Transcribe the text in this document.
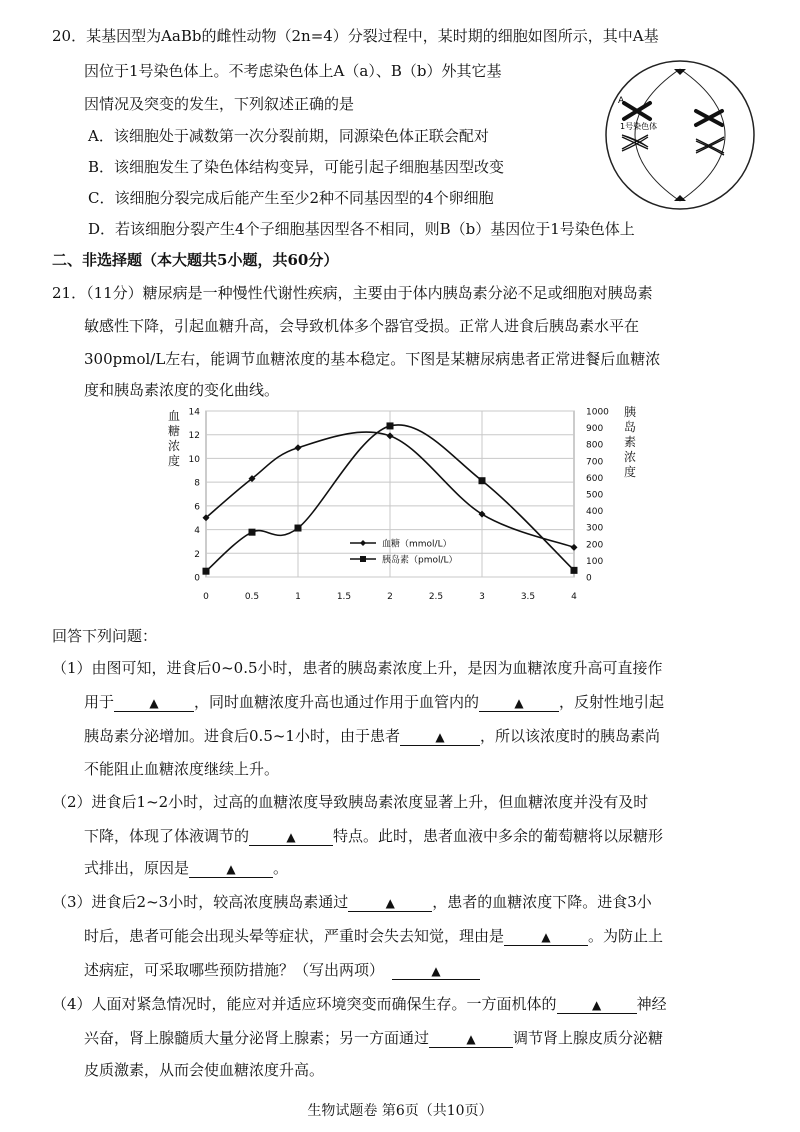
20．某基因型为AaBb的雌性动物（2n=4）分裂过程中，某时期的细胞如图所示，其中A基
因位于1号染色体上。不考虑染色体上A（a）、B（b）外其它基
因情况及突变的发生，下列叙述正确的是
A．该细胞处于减数第一次分裂前期，同源染色体正联会配对
B．该细胞发生了染色体结构变异，可能引起子细胞基因型改变
C．该细胞分裂完成后能产生至少2种不同基因型的4个卵细胞
D．若该细胞分裂产生4个子细胞基因型各不相同，则B（b）基因位于1号染色体上
A
1号染色体
二、非选择题（本大题共5小题，共60分）
21．（11分）糖尿病是一种慢性代谢性疾病，主要由于体内胰岛素分泌不足或细胞对胰岛素
敏感性下降，引起血糖升高，会导致机体多个器官受损。正常人进食后胰岛素水平在
300pmol/L左右，能调节血糖浓度的基本稳定。下图是某糖尿病患者正常进餐后血糖浓
度和胰岛素浓度的变化曲线。
0
2
4
6
8
10
12
14
0	0.5	1	1.5	2	2.5	3	3.5	4
0
100
200
300
400
500
600
700
800
900
1000
血
糖
浓
度
胰
岛
素
浓
度
血糖（mmol/L）
胰岛素（pmol/L）
回答下列问题：
（1）由图可知，进食后0~0.5小时，患者的胰岛素浓度上升，是因为血糖浓度升高可直接作
用于	▲ ，同时血糖浓度升高也通过作用于血管内的	▲ ，反射性地引起
胰岛素分泌增加。进食后0.5~1小时，由于患者	▲ ，所以该浓度时的胰岛素尚
不能阻止血糖浓度继续上升。
（2）进食后1~2小时，过高的血糖浓度导致胰岛素浓度显著上升，但血糖浓度并没有及时
下降，体现了体液调节的	▲ 特点。此时，患者血液中多余的葡萄糖将以尿糖形
式排出，原因是	▲ 。
（3）进食后2~3小时，较高浓度胰岛素通过	▲ ，患者的血糖浓度下降。进食3小
时后，患者可能会出现头晕等症状，严重时会失去知觉，理由是	▲ 。为防止上
述病症，可采取哪些预防措施？（写出两项）	▲
（4）人面对紧急情况时，能应对并适应环境突变而确保生存。一方面机体的	▲ 神经
兴奋，肾上腺髓质大量分泌肾上腺素；另一方面通过	▲ 调节肾上腺皮质分泌糖
皮质激素，从而会使血糖浓度升高。
生物试题卷 第6页（共10页）
